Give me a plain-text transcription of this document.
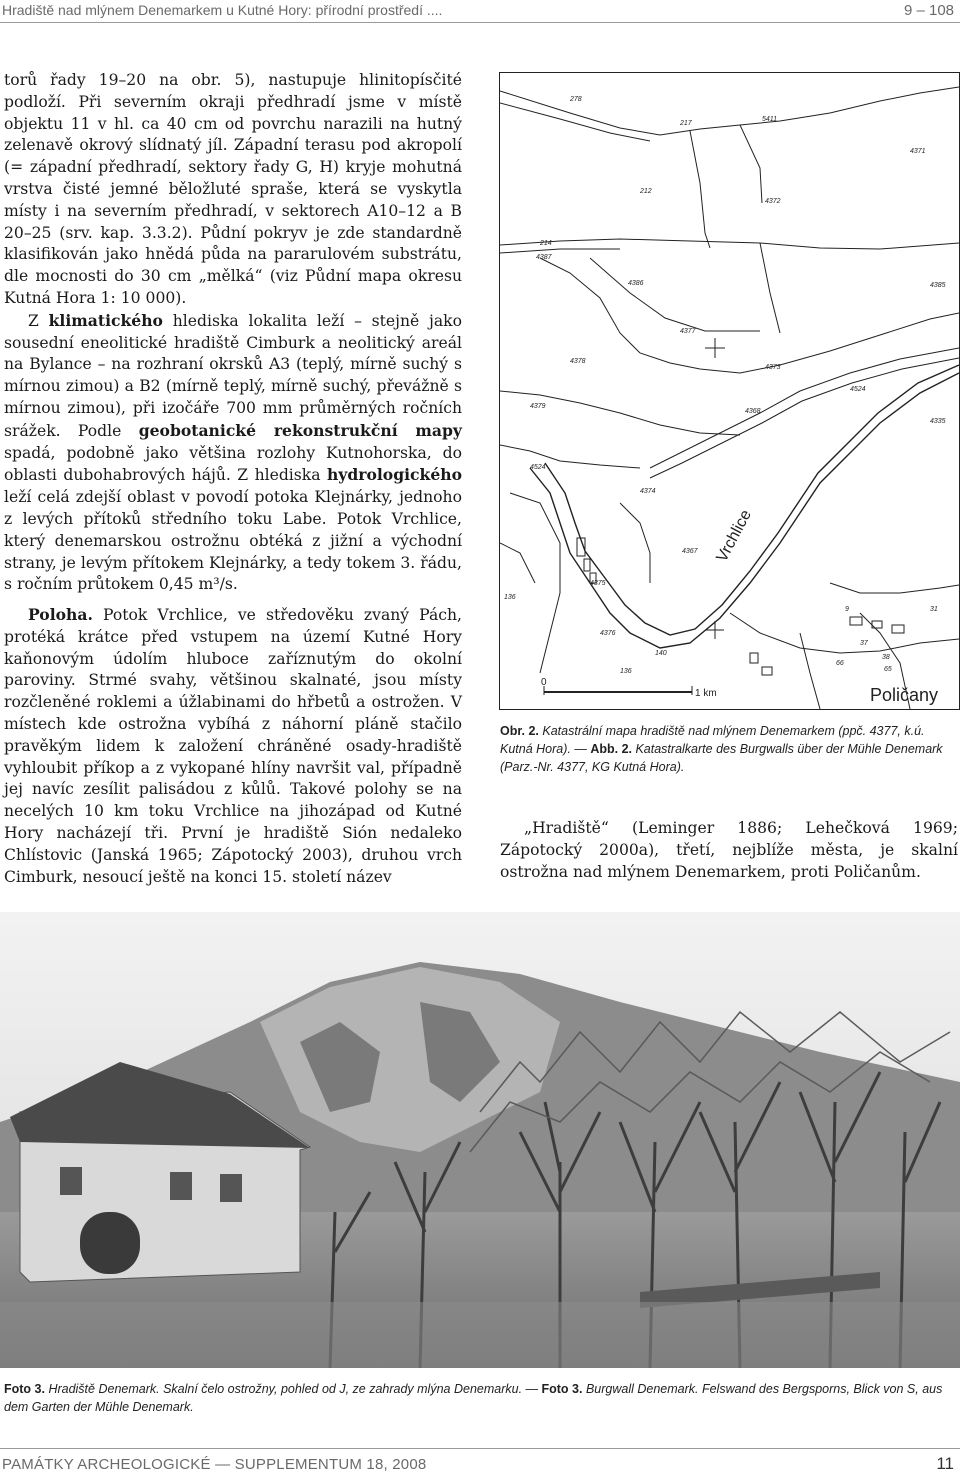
Hradiště nad mlýnem Denemarkem u Kutné Hory: přírodní prostředí ....	9 – 108

torů řady 19–20 na obr. 5), nastupuje hlinitopísčité podloží. Při severním okraji předhradí jsme v místě objektu 11 v hl. ca 40 cm od povrchu narazili na hutný zelenavě okrový slídnatý jíl. Západní terasu pod akropolí (= západní předhradí, sektory řady G, H) kryje mohutná vrstva čisté jemné běložluté spraše, která se vyskytla místy i na severním předhradí, v sektorech A10–12 a B 20–25 (srv. kap. 3.3.2). Půdní pokryv je zde standardně klasifikován jako hnědá půda na pararulovém substrátu, dle mocnosti do 30 cm „mělká“ (viz Půdní mapa okresu Kutná Hora 1: 10 000).

Z klimatického hlediska lokalita leží – stejně jako sousední eneolitické hradiště Cimburk a neolitický areál na Bylance – na rozhraní okrsků A3 (teplý, mírně suchý s mírnou zimou) a B2 (mírně teplý, mírně suchý, převážně s mírnou zimou), při izočáře 700 mm průměrných ročních srážek. Podle geobotanické rekonstrukční mapy spadá, podobně jako většina rozlohy Kutnohorska, do oblasti dubohabrových hájů. Z hlediska hydrologického leží celá zdejší oblast v povodí potoka Klejnárky, jednoho z levých přítoků středního toku Labe. Potok Vrchlice, který denemarskou ostrožnu obtéká z jižní a východní strany, je levým přítokem Klejnárky, a tedy tokem 3. řádu, s ročním průtokem 0,45 m³/s.

Poloha. Potok Vrchlice, ve středověku zvaný Pách, protéká krátce před vstupem na území Kutné Hory kaňonovým údolím hluboce zaříznutým do okolní paroviny. Strmé svahy, většinou skalnaté, jsou místy rozčleněné roklemi a úžlabinami do hřbetů a ostrožen. V místech kde ostrožna vybíhá z náhorní pláně stačilo pravěkým lidem k založení chráněné osady-hradiště vyhloubit příkop a z vykopané hlíny navršit val, případně jej navíc zesílit palisádou z kůlů. Takové polohy se na necelých 10 km toku Vrchlice na jihozápad od Kutné Hory nacházejí tři. První je hradiště Sión nedaleko Chlístovic (Janská 1965; Zápotocký 2003), druhou vrch Cimburk, nesoucí ještě na konci 15. století název

278
217
5411
4371
212
4372
214
4387
4386	4385
4377
4378
4379
4373
4524
4368
4335
4524
4374
4367
136
4375
4376
140
136
9	31
37
38
66
65
Vrchlice
Poličany
0
1 km
Obr. 2. Katastrální mapa hradiště nad mlýnem Denemarkem (ppč. 4377, k.ú. Kutná Hora). — Abb. 2. Katastralkarte des Burgwalls über der Mühle Denemark (Parz.-Nr. 4377, KG Kutná Hora).

„Hradiště“ (Leminger 1886; Lehečková 1969; Zápotocký 2000a), třetí, nejblíže města, je skalní ostrožna nad mlýnem Denemarkem, proti Poličanům.

Foto 3. Hradiště Denemark. Skalní čelo ostrožny, pohled od J, ze zahrady mlýna Denemarku. — Foto 3. Burgwall Denemark. Felswand des Bergsporns, Blick von S, aus dem Garten der Mühle Denemark.
PAMÁTKY ARCHEOLOGICKÉ — SUPPLEMENTUM 18, 2008	11
